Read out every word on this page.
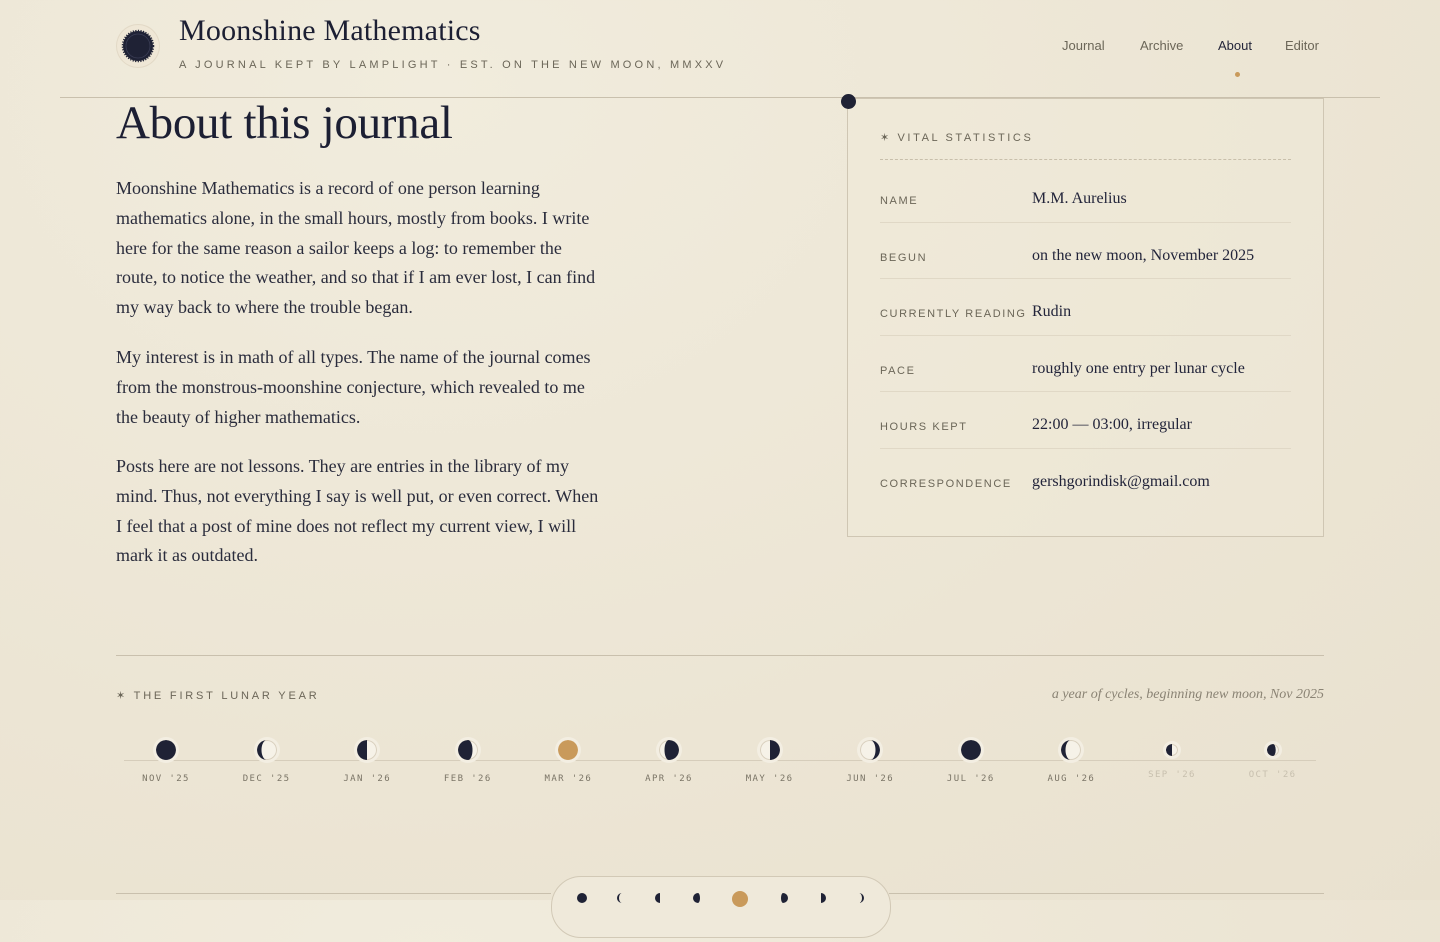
Moonshine Mathematics
A JOURNAL KEPT BY LAMPLIGHT · EST. ON THE NEW MOON, MMXXV
Journal	Archive	About	Editor
About this journal

Moonshine Mathematics is a record of one person learning mathematics alone, in the small hours, mostly from books. I write here for the same reason a sailor keeps a log: to remember the route, to notice the weather, and so that if I am ever lost, I can find my way back to where the trouble began.

My interest is in math of all types. The name of the journal comes from the monstrous-moonshine conjecture, which revealed to me the beauty of higher mathematics.

Posts here are not lessons. They are entries in the library of my mind. Thus, not everything I say is well put, or even correct. When I feel that a post of mine does not reflect my current view, I will mark it as outdated.

✶ VITAL STATISTICS
NAME	M.M. Aurelius
BEGUN	on the new moon, November 2025
CURRENTLY READING Rudin
PACE	roughly one entry per lunar cycle
HOURS KEPT	22:00 — 03:00, irregular
CORRESPONDENCE gershgorindisk@gmail.com
✶ THE FIRST LUNAR YEAR	a year of cycles, beginning new moon, Nov 2025
NOV '25	DEC '25	JAN '26	FEB '26	MAR '26	APR '26	MAY '26	JUN '26	JUL '26	AUG '26	SEP '26	OCT '26
